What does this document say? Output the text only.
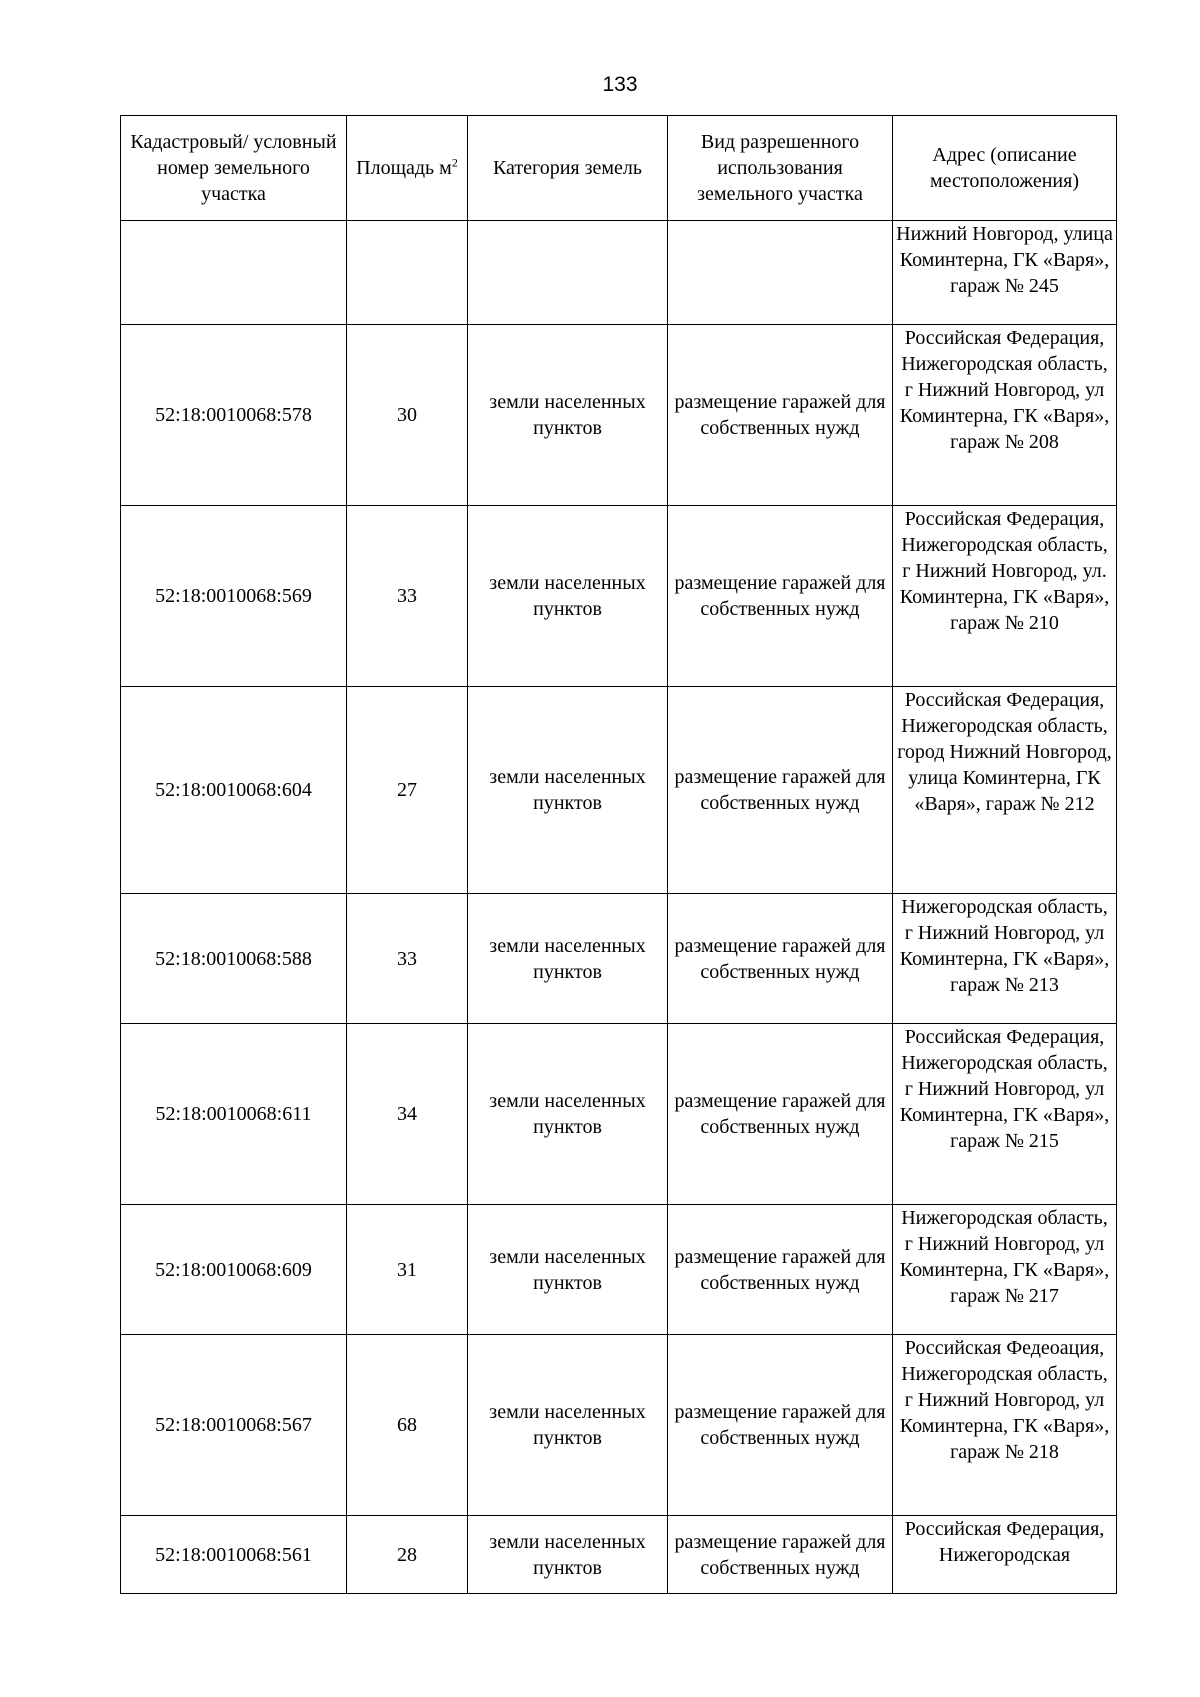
133
Кадастровый/ условный номер земельного участка	Площадь $м^2$	Категория земель	Вид разрешенного использования земельного участка	Адрес (описание местоположения)
				Нижний Новгород, улица Коминтерна, ГК «Варя», гараж № 245
52:18:0010068:578	30	земли населенных пунктов	размещение гаражей для собственных нужд	Российская Федерация, Нижегородская область, г Нижний Новгород, ул Коминтерна, ГК «Варя», гараж № 208
52:18:0010068:569	33	земли населенных пунктов	размещение гаражей для собственных нужд	Российская Федерация, Нижегородская область, г Нижний Новгород, ул. Коминтерна, ГК «Варя», гараж № 210
52:18:0010068:604	27	земли населенных пунктов	размещение гаражей для собственных нужд	Российская Федерация, Нижегородская область, город Нижний Новгород, улица Коминтерна, ГК «Варя», гараж № 212
52:18:0010068:588	33	земли населенных пунктов	размещение гаражей для собственных нужд	Нижегородская область, г Нижний Новгород, ул Коминтерна, ГК «Варя», гараж № 213
52:18:0010068:611	34	земли населенных пунктов	размещение гаражей для собственных нужд	Российская Федерация, Нижегородская область, г Нижний Новгород, ул Коминтерна, ГК «Варя», гараж № 215
52:18:0010068:609	31	земли населенных пунктов	размещение гаражей для собственных нужд	Нижегородская область, г Нижний Новгород, ул Коминтерна, ГК «Варя», гараж № 217
52:18:0010068:567	68	земли населенных пунктов	размещение гаражей для собственных нужд	Российская Федеоация, Нижегородская область, г Нижний Новгород, ул Коминтерна, ГК «Варя», гараж № 218
52:18:0010068:561	28	земли населенных пунктов	размещение гаражей для собственных нужд	Российская Федерация, Нижегородская
